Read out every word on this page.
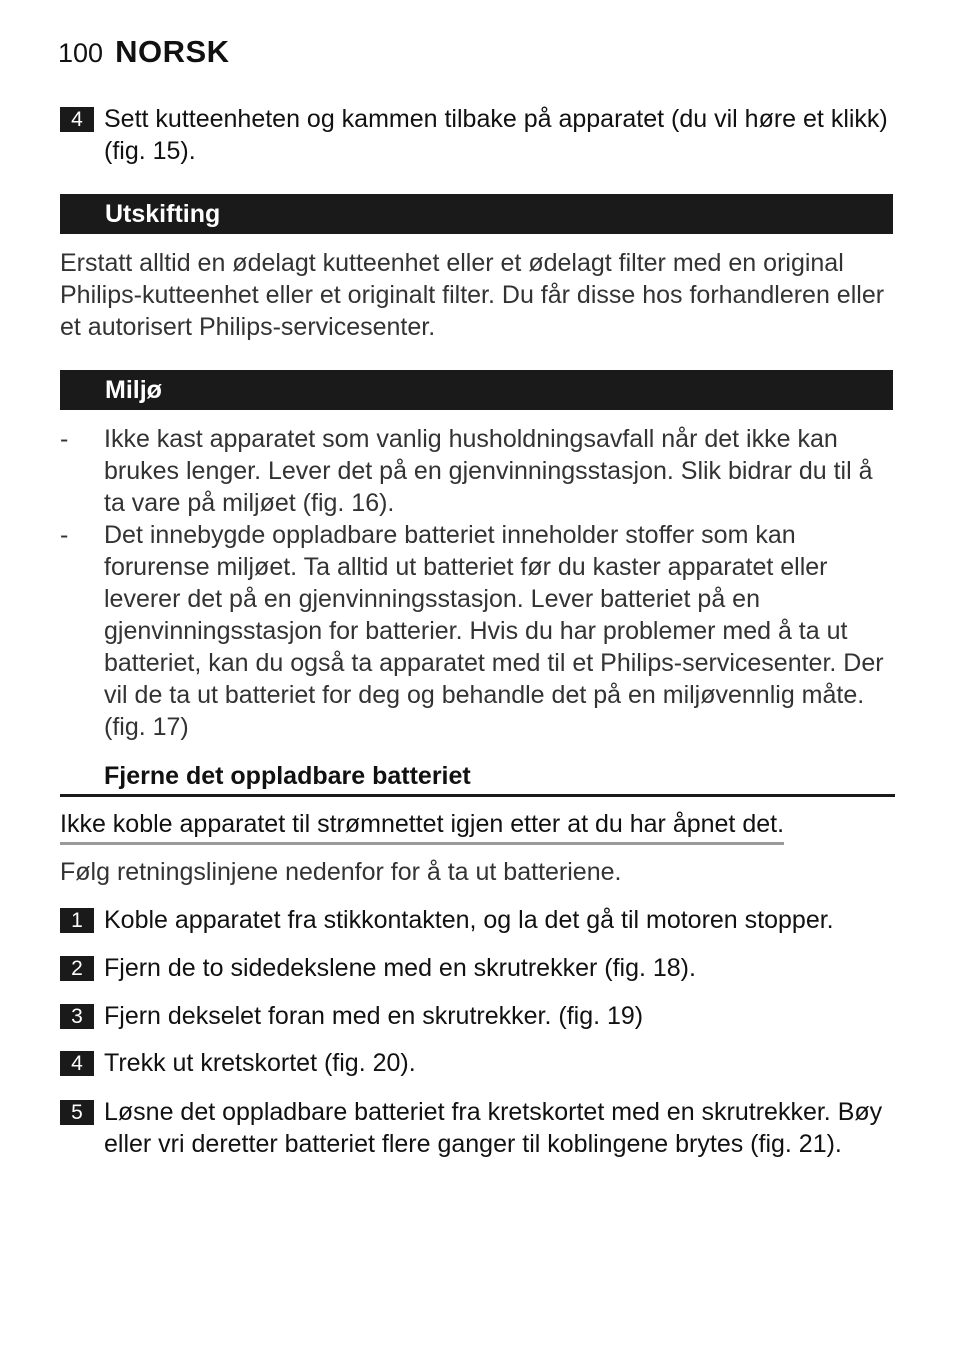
100 NORSK
4 Sett kutteenheten og kammen tilbake på apparatet (du vil høre et klikk) (fig. 15).
Utskifting
Erstatt alltid en ødelagt kutteenhet eller et ødelagt filter med en original Philips-kutteenhet eller et originalt filter. Du får disse hos forhandleren eller et autorisert Philips-servicesenter.
Miljø
-	Ikke kast apparatet som vanlig husholdningsavfall når det ikke kan brukes lenger. Lever det på en gjenvinningsstasjon. Slik bidrar du til å ta vare på miljøet (fig. 16).
-	Det innebygde oppladbare batteriet inneholder stoffer som kan forurense miljøet. Ta alltid ut batteriet før du kaster apparatet eller leverer det på en gjenvinningsstasjon. Lever batteriet på en gjenvinningsstasjon for batterier. Hvis du har problemer med å ta ut batteriet, kan du også ta apparatet med til et Philips-servicesenter. Der vil de ta ut batteriet for deg og behandle det på en miljøvennlig måte. (fig. 17)
Fjerne det oppladbare batteriet
Ikke koble apparatet til strømnettet igjen etter at du har åpnet det.
Følg retningslinjene nedenfor for å ta ut batteriene.
1 Koble apparatet fra stikkontakten, og la det gå til motoren stopper.
2 Fjern de to sidedekslene med en skrutrekker (fig. 18).
3 Fjern dekselet foran med en skrutrekker. (fig. 19)
4 Trekk ut kretskortet (fig. 20).
5 Løsne det oppladbare batteriet fra kretskortet med en skrutrekker. Bøy eller vri deretter batteriet flere ganger til koblingene brytes (fig. 21).
